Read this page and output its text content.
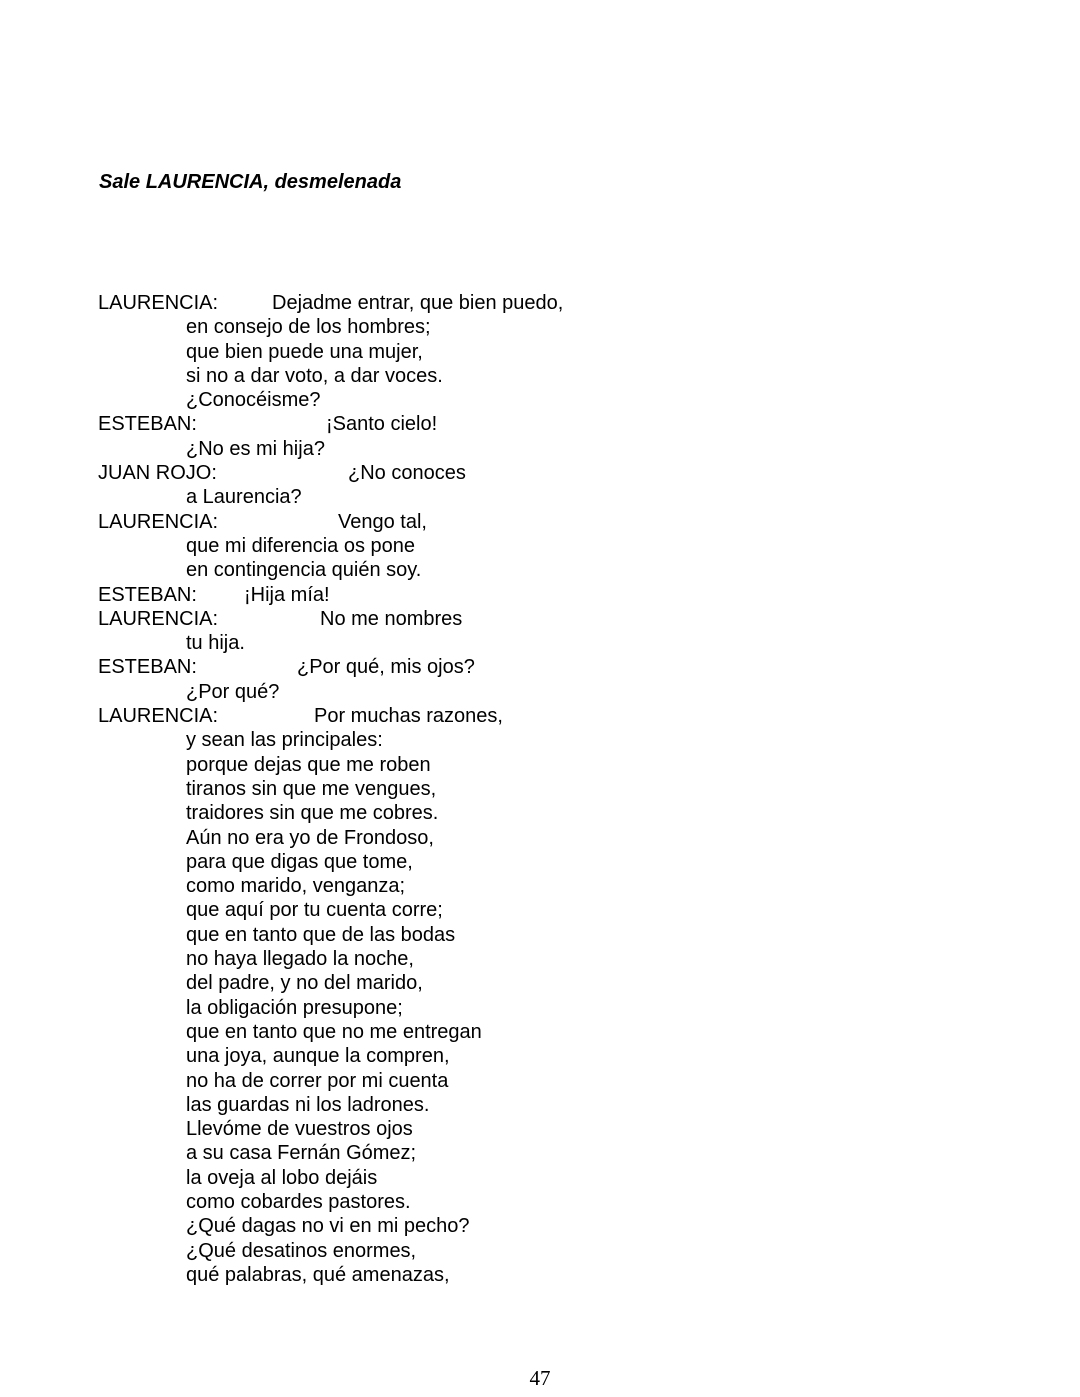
Sale LAURENCIA, desmelenada
LAURENCIA:	Dejadme entrar, que bien puedo,
en consejo de los hombres;
que bien puede una mujer,
si no a dar voto, a dar voces.
¿Conocéisme?
ESTEBAN:	¡Santo cielo!
¿No es mi hija?
JUAN ROJO:	¿No conoces
a Laurencia?
LAURENCIA:	Vengo tal,
que mi diferencia os pone
en contingencia quién soy.
ESTEBAN: ¡Hija mía!
LAURENCIA:	No me nombres
tu hija.
ESTEBAN:	¿Por qué, mis ojos?
¿Por qué?
LAURENCIA:	Por muchas razones,
y sean las principales:
porque dejas que me roben
tiranos sin que me vengues,
traidores sin que me cobres.
Aún no era yo de Frondoso,
para que digas que tome,
como marido, venganza;
que aquí por tu cuenta corre;
que en tanto que de las bodas
no haya llegado la noche,
del padre, y no del marido,
la obligación presupone;
que en tanto que no me entregan
una joya, aunque la compren,
no ha de correr por mi cuenta
las guardas ni los ladrones.
Llevóme de vuestros ojos
a su casa Fernán Gómez;
la oveja al lobo dejáis
como cobardes pastores.
¿Qué dagas no vi en mi pecho?
¿Qué desatinos enormes,
qué palabras, qué amenazas,
47
